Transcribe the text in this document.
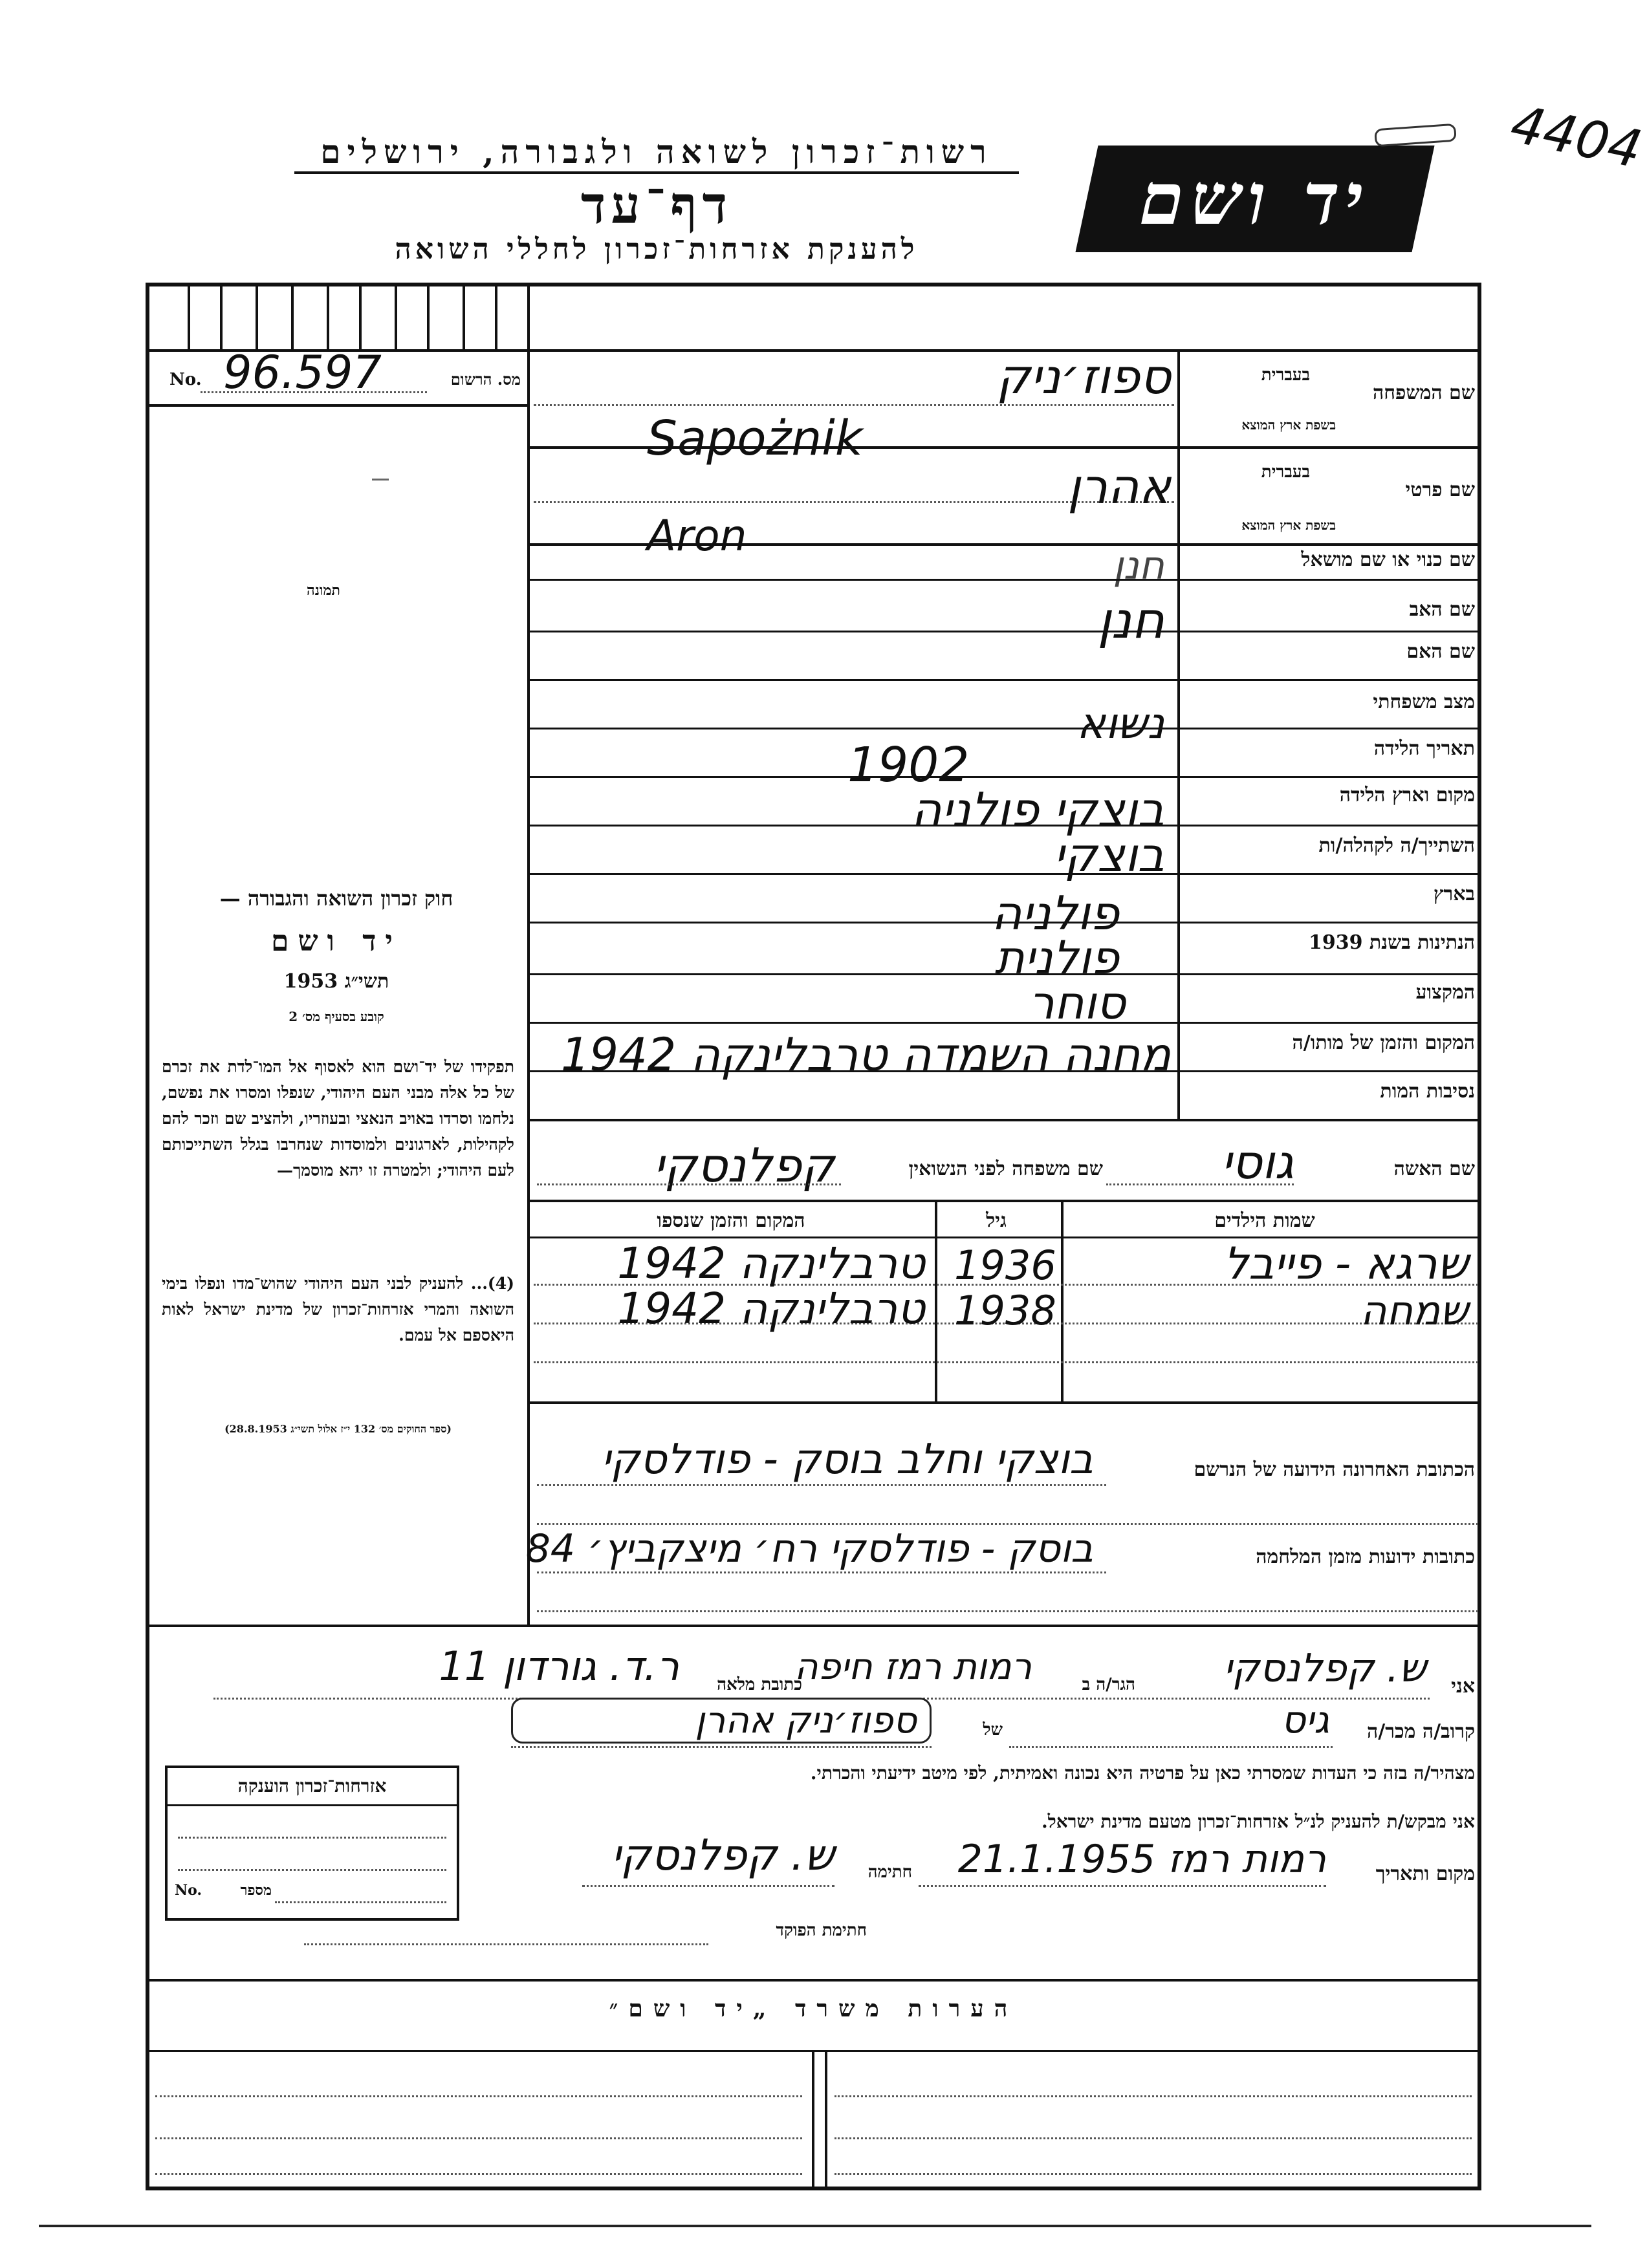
רשות־זכרון לשואה ולגבורה, ירושלים
דף־עד
להענקת אזרחות־זכרון לחללי השואה
יד ושם
4404
מס. הרשום
No. 96.597
תמונה
חוק זכרון השואה והגבורה —
יד ושם
תשי״ג 1953
קובע בסעיף מס׳ 2
תפקידו של יד־ושם הוא לאסוף אל המו־לדת את זכרם של כל אלה מבני העם היהודי, שנפלו ומסרו את נפשם, נלחמו וסרדו באויב הנאצי ובעוזריו, ולהציב שם וזכר להם לקהילות, לארגונים ולמוסדות שנחרבו בגלל השתייכותם לעם היהודי; ולמטרה זו יהא מוסמך—
(4)... להעניק לבני העם היהודי שהוש־מדו ונפלו בימי השואה והמרי אזרחות־זכרון של מדינת ישראל לאות היאספם אל עמם.
(ספר החוקים מס׳ 132 י״ז אלול תשי״ג 28.8.1953)
שם המשפחה
בעברית
בשפת ארץ המוצא
ספוז׳ניק
Sapożnik
שם פרטי
בעברית
בשפת ארץ המוצא
אהרן
Aron	שם כנוי או שם מושאל
חנן
שם האב
חנן
שם האם
מצב משפחתי
נשוא
תאריך הלידה
1902
מקום וארץ הלידה
בוצקי פולניה
השתייך/ה לקהלה/ות
בוצקי
בארץ
פולניה
הנתינות בשנת 1939
פולנית
המקצוע
סוחר
המקום והזמן של מותו/ה
מחנה השמדה טרבלינקה 1942
נסיבות המות
שם האשה
גוסי
שם משפחה לפני הנשואין
קפלנסקי
שמות הילדים
גיל
המקום והזמן שנספו
שרגא - פייבל
1936
טרבלינקה 1942
שמחה
1938
טרבלינקה 1942
הכתובת האחרונה הידועה של הנרשם
בוצקי וחלב בוסק - פודלסקי
כתובות ידועות מזמן המלחמה
בוסק - פודלסקי רח׳ מיצקביץ׳ 84
אני
ש. קפלנסקי
הגר/ה ב
רמות רמז חיפה
כתובת מלאה
ר.ד. גורדון 11
קרוב/ה מכר/ה
גיס
של
ספוז׳ניק אהרן
מצהיר/ה בזה כי העדות שמסרתי כאן על פרטיה היא נכונה ואמיתית, לפי מיטב ידיעתי והכרתי.
אני מבקש/ת להעניק לנ״ל אזרחות־זכרון מטעם מדינת ישראל.
מקום ותאריך
רמות רמז 21.1.1955
חתימה
ש. קפלנסקי
חתימת הפוקד
אזרחות־זכרון הוענקה
No.	מספר
הערות משרד „יד ושם״
